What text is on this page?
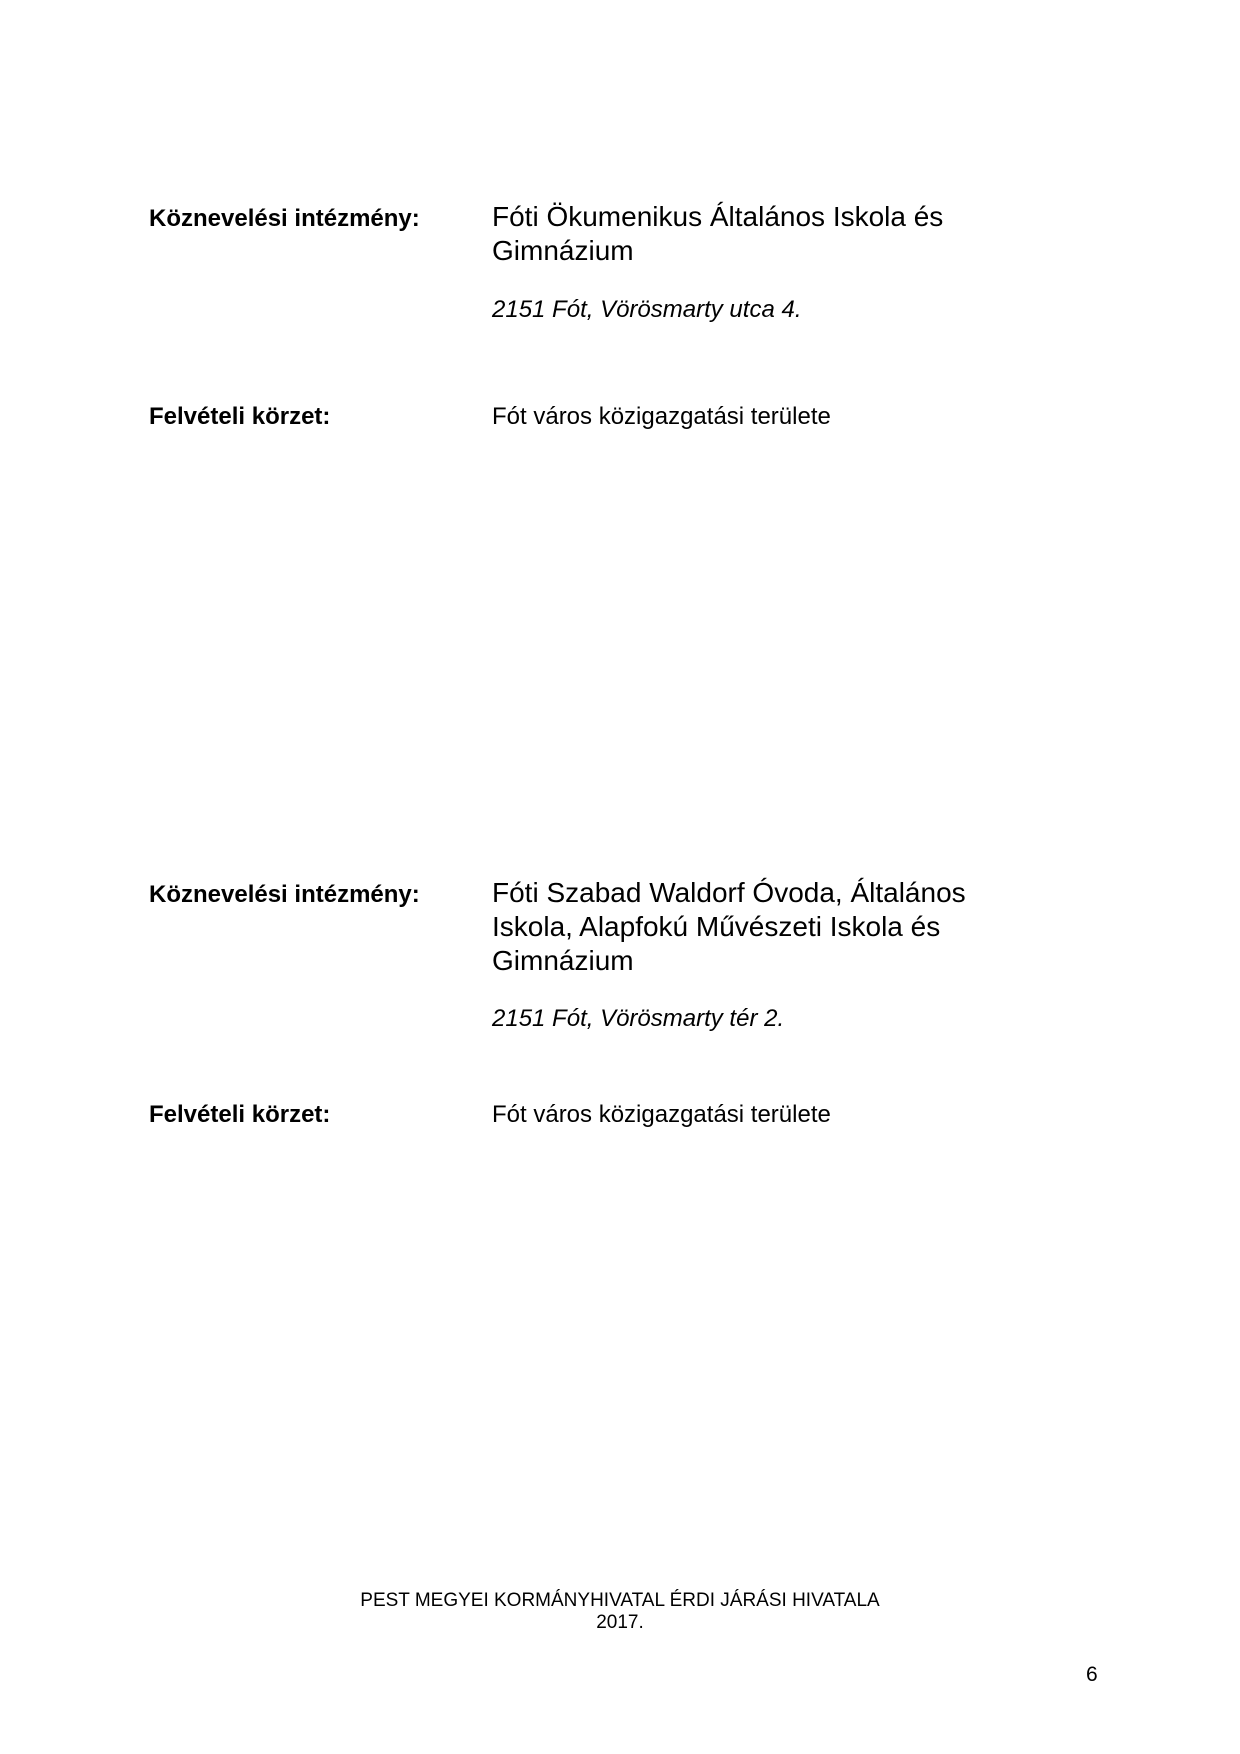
Köznevelési intézmény:	Fóti Ökumenikus Általános Iskola és
Gimnázium
2151 Fót, Vörösmarty utca 4.
Felvételi körzet:	Fót város közigazgatási területe
Köznevelési intézmény:	Fóti Szabad Waldorf Óvoda, Általános
Iskola, Alapfokú Művészeti Iskola és
Gimnázium
2151 Fót, Vörösmarty tér 2.
Felvételi körzet:	Fót város közigazgatási területe
PEST MEGYEI KORMÁNYHIVATAL ÉRDI JÁRÁSI HIVATALA
2017.
6
